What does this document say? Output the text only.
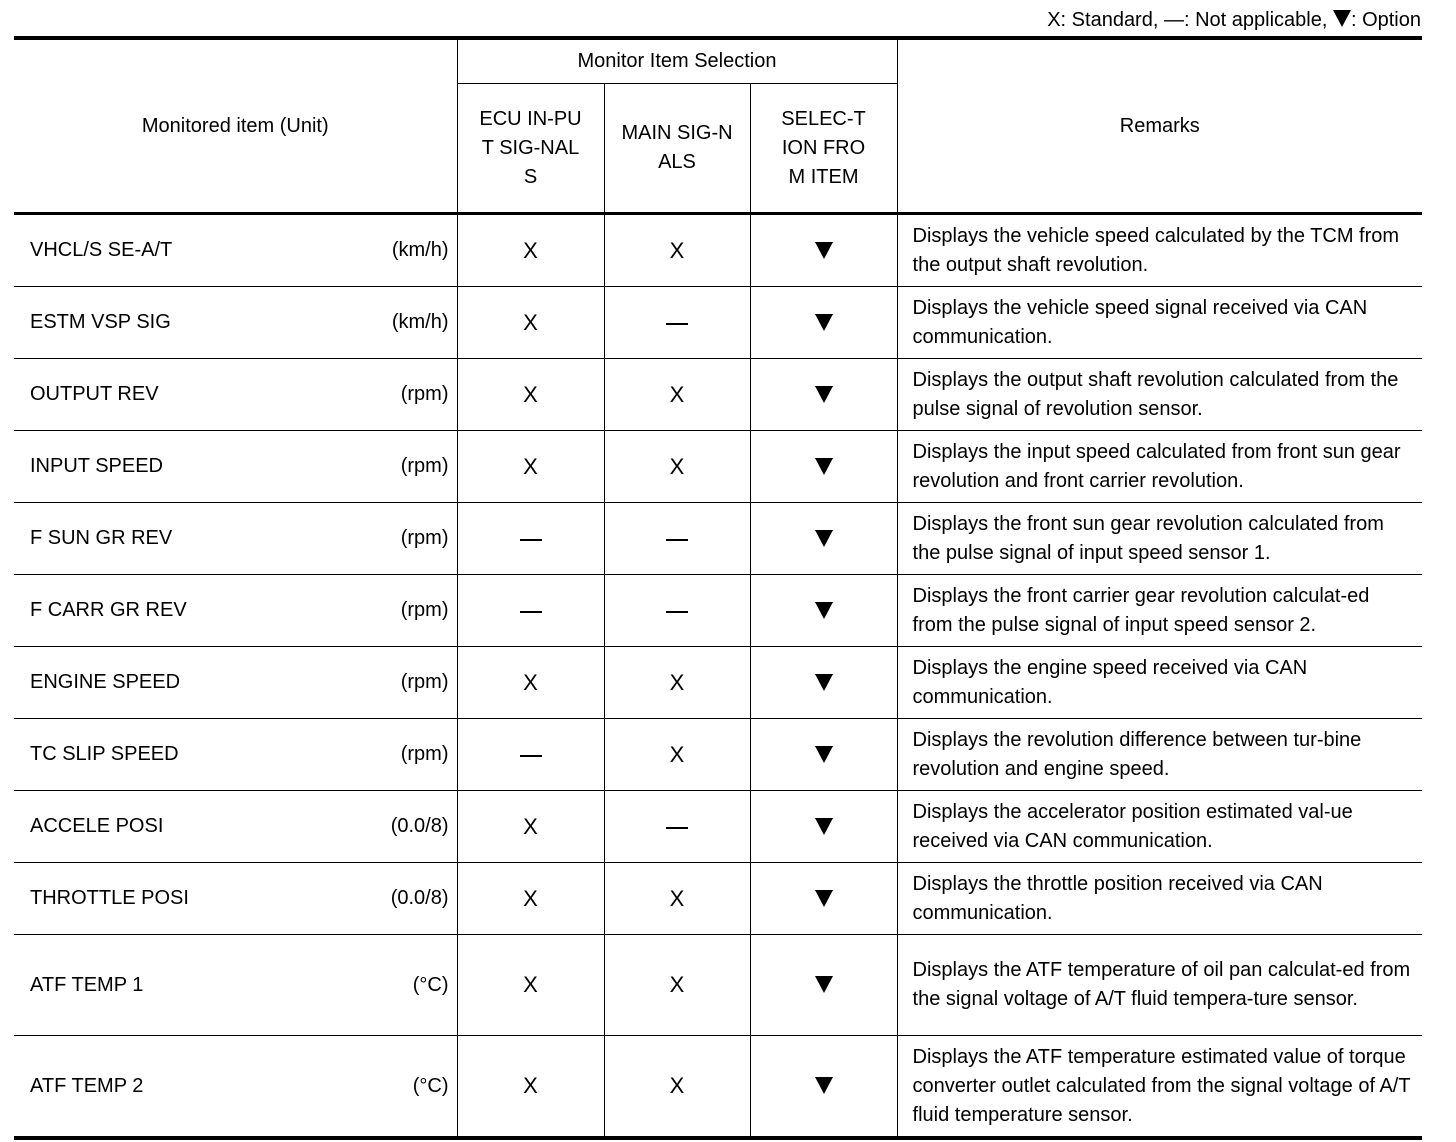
X: Standard, —: Not applicable, : Option
Monitored item (Unit)	Monitor Item Selection			Remarks

	ECU IN-PUT SIG-NALS	MAIN SIG-NALS	SELEC-TION FROM ITEM	

VHCL/S SE-A/T (km/h)	X	X		Displays the vehicle speed calculated by the TCM from the output shaft revolution.

ESTM VSP SIG (km/h)	X			Displays the vehicle speed signal received via CAN communication.

OUTPUT REV (rpm)	X	X		Displays the output shaft revolution calculated from the pulse signal of revolution sensor.

INPUT SPEED (rpm)	X	X		Displays the input speed calculated from front sun gear revolution and front carrier revolution.

F SUN GR REV (rpm)				Displays the front sun gear revolution calculated from the pulse signal of input speed sensor 1.

F CARR GR REV (rpm)				Displays the front carrier gear revolution calculat-ed from the pulse signal of input speed sensor 2.

ENGINE SPEED (rpm)	X	X		Displays the engine speed received via CAN communication.

TC SLIP SPEED (rpm)		X		Displays the revolution difference between tur-bine revolution and engine speed.

ACCELE POSI (0.0/8)	X			Displays the accelerator position estimated val-ue received via CAN communication.

THROTTLE POSI (0.0/8)	X	X		Displays the throttle position received via CAN communication.

ATF TEMP 1 (°C)	X	X		Displays the ATF temperature of oil pan calculat-ed from the signal voltage of A/T fluid tempera-ture sensor.

ATF TEMP 2 (°C)	X	X		Displays the ATF temperature estimated value of torque converter outlet calculated from the signal voltage of A/T fluid temperature sensor.
